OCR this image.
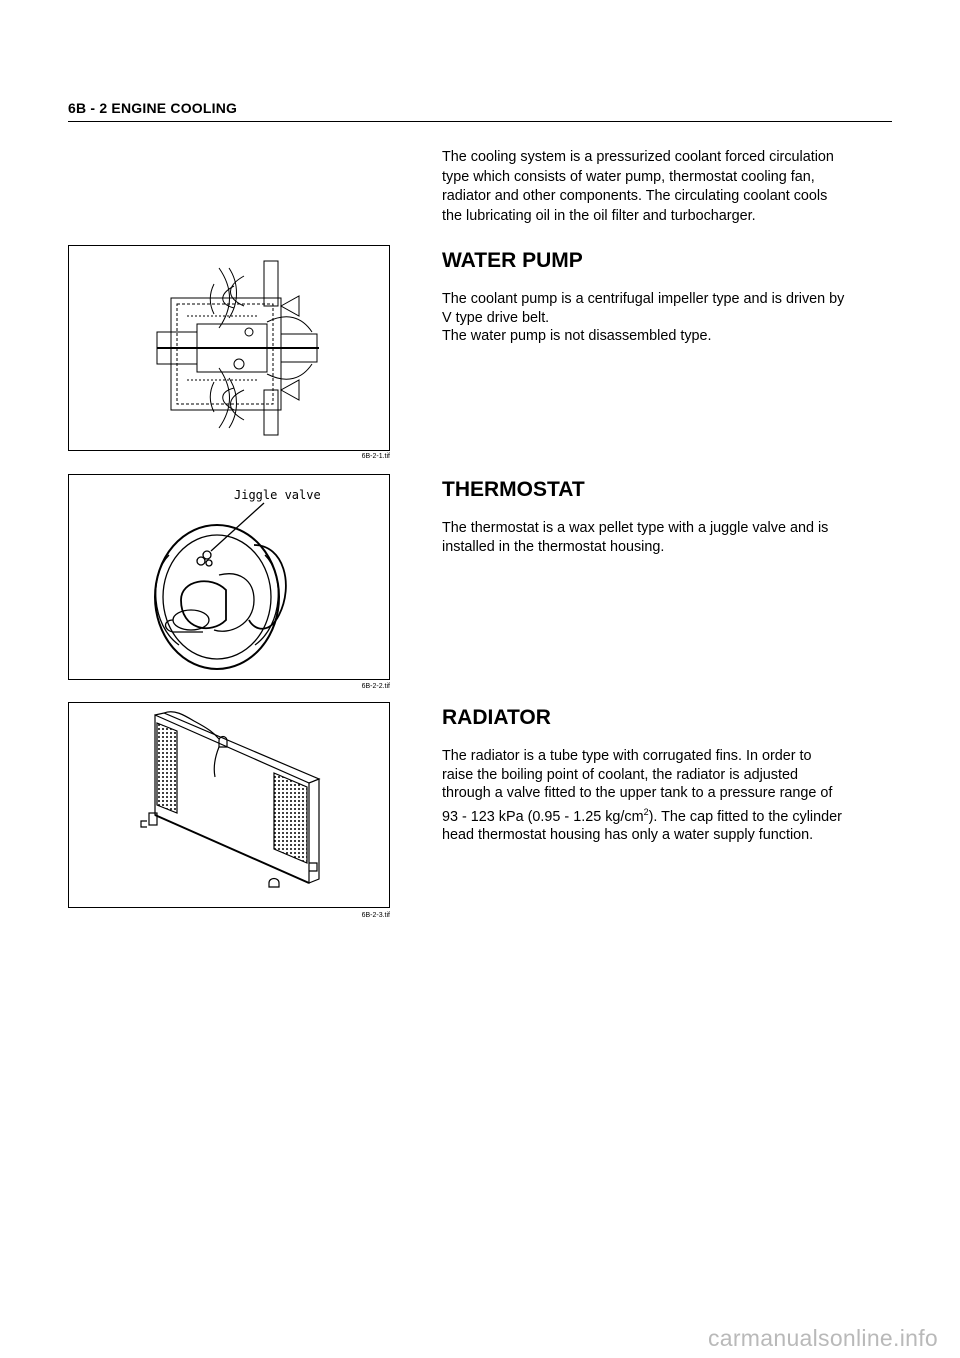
6B - 2 ENGINE COOLING
The cooling system is a pressurized coolant forced circulation
type which consists of water pump, thermostat cooling fan,
radiator and other components. The circulating coolant cools
the lubricating oil in the oil filter and turbocharger.
6B-2-1.tif
WATER PUMP
The coolant pump is a centrifugal impeller type and is driven by
V type drive belt.
The water pump is not disassembled type.
Jiggle valve
6B-2-2.tif
THERMOSTAT
The thermostat is a wax pellet type with a juggle valve and is
installed in the thermostat housing.
6B-2-3.tif
RADIATOR
The radiator is a tube type with corrugated fins. In order to
raise the boiling point of coolant, the radiator is adjusted
through a valve fitted to the upper tank to a pressure range of
93 - 123 kPa (0.95 - 1.25 $kg/cm^2$). The cap fitted to the cylinder
head thermostat housing has only a water supply function.
carmanualsonline.info
